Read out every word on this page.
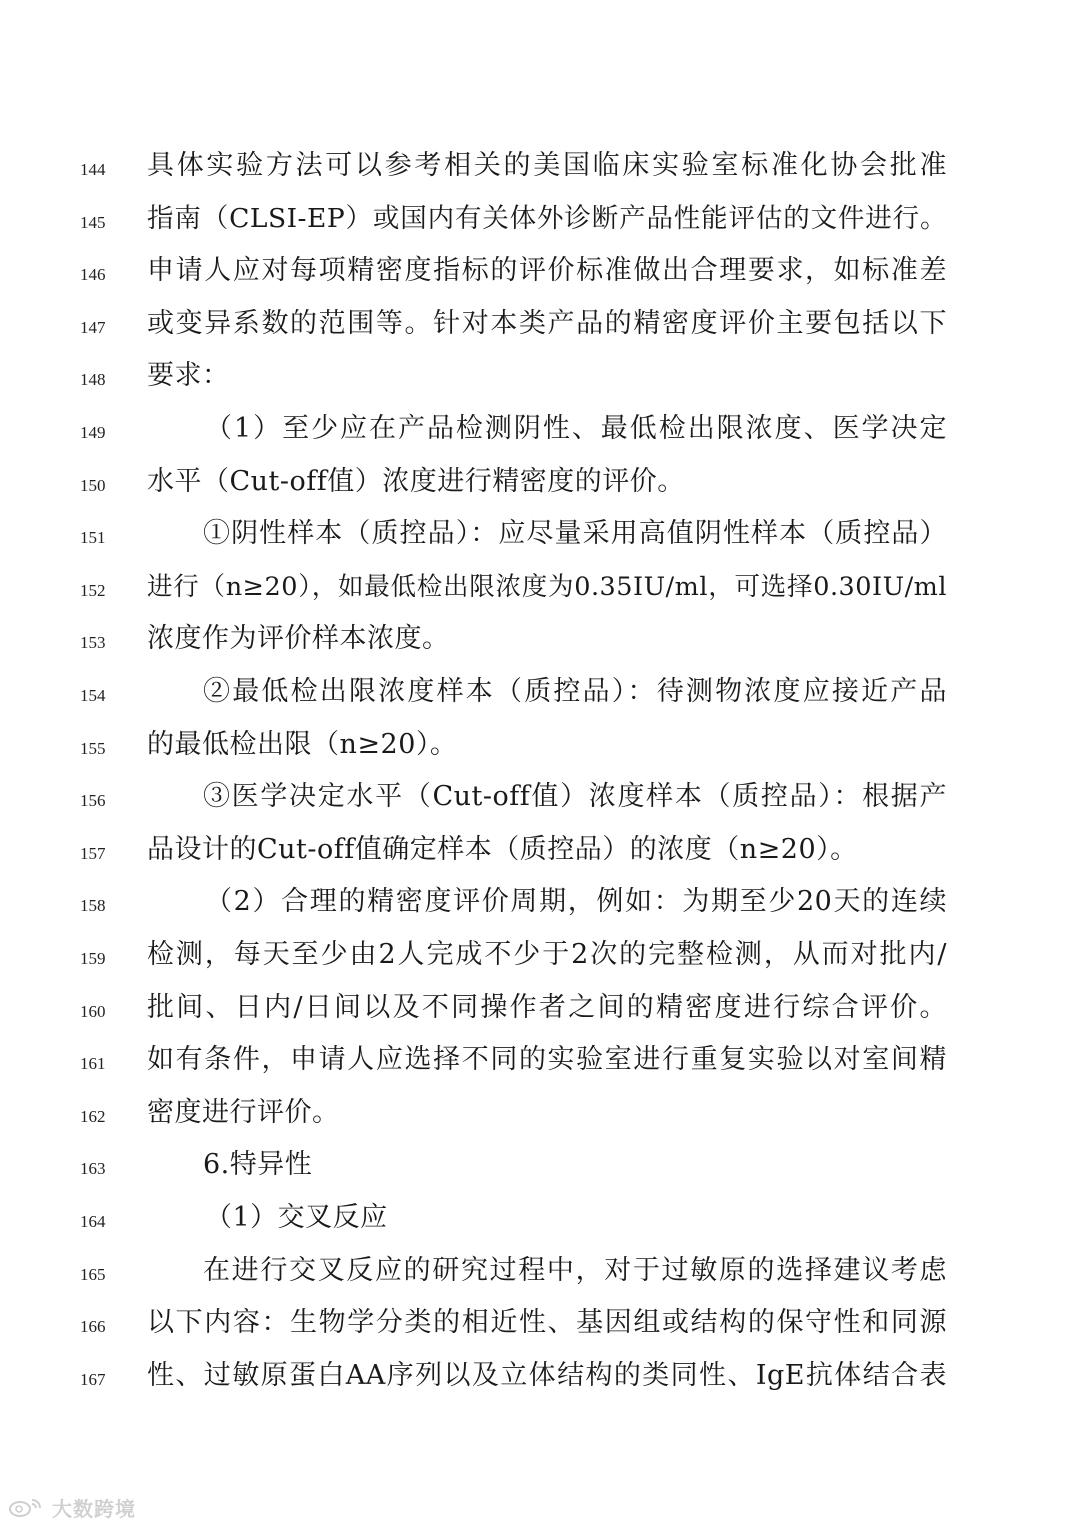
144	具体实验方法可以参考相关的美国临床实验室标准化协会批准
145	指南（CLSI-EP）或国内有关体外诊断产品性能评估的文件进行。
146	申请人应对每项精密度指标的评价标准做出合理要求，如标准差
147	或变异系数的范围等。针对本类产品的精密度评价主要包括以下
148	要求：
149	（1）至少应在产品检测阴性、最低检出限浓度、医学决定
150	水平（Cut-off值）浓度进行精密度的评价。
151	①阴性样本（质控品）：应尽量采用高值阴性样本（质控品）
152	进行（n≥20），如最低检出限浓度为0.35IU/ml，可选择0.30IU/ml
153	浓度作为评价样本浓度。
154	②最低检出限浓度样本（质控品）：待测物浓度应接近产品
155	的最低检出限（n≥20）。
156	③医学决定水平（Cut-off值）浓度样本（质控品）：根据产
157	品设计的Cut-off值确定样本（质控品）的浓度（n≥20）。
158	（2）合理的精密度评价周期，例如：为期至少20天的连续
159	检测，每天至少由2人完成不少于2次的完整检测，从而对批内/
160	批间、日内/日间以及不同操作者之间的精密度进行综合评价。
161	如有条件，申请人应选择不同的实验室进行重复实验以对室间精
162	密度进行评价。
163	6.特异性
164	（1）交叉反应
165	在进行交叉反应的研究过程中，对于过敏原的选择建议考虑
166	以下内容：生物学分类的相近性、基因组或结构的保守性和同源
167	性、过敏原蛋白AA序列以及立体结构的类同性、IgE抗体结合表
大数跨境
